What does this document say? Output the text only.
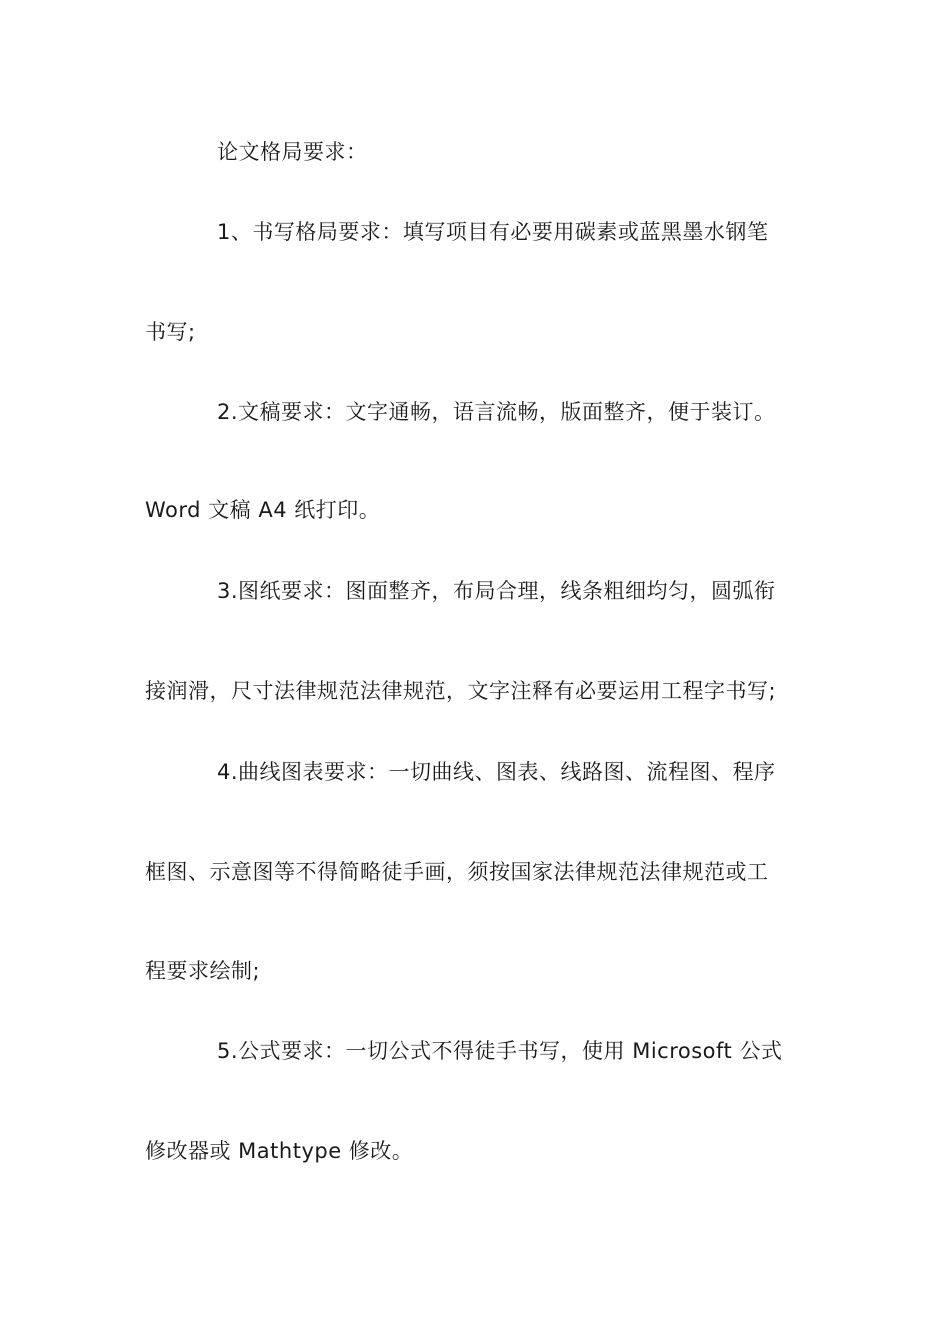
论文格局要求：
1、书写格局要求：填写项目有必要用碳素或蓝黑墨水钢笔
书写;
2.文稿要求：文字通畅，语言流畅，版面整齐，便于装订。
Word 文稿 A4 纸打印。
3.图纸要求：图面整齐，布局合理，线条粗细均匀，圆弧衔
接润滑，尺寸法律规范法律规范，文字注释有必要运用工程字书写;
4.曲线图表要求：一切曲线、图表、线路图、流程图、程序
框图、示意图等不得简略徒手画，须按国家法律规范法律规范或工
程要求绘制;
5.公式要求：一切公式不得徒手书写，使用 Microsoft 公式
修改器或 Mathtype 修改。
